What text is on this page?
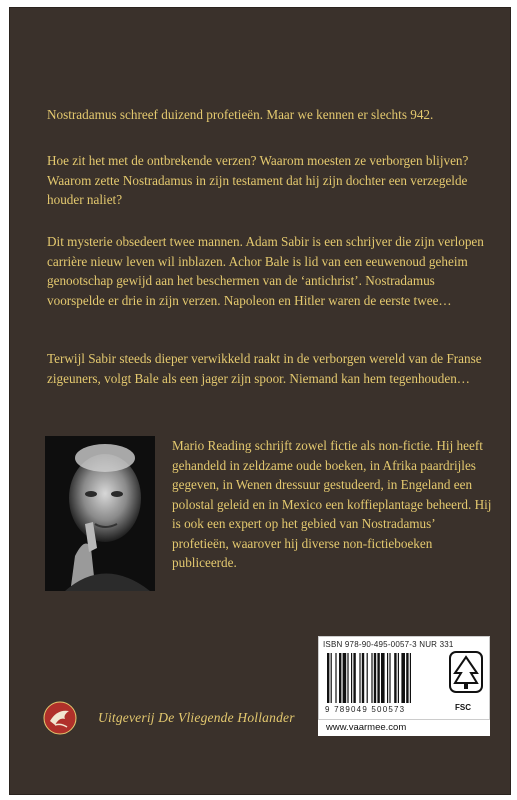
Nostradamus schreef duizend profetieën. Maar we kennen er slechts 942.

Hoe zit het met de ontbrekende verzen? Waarom moesten ze verborgen blijven? Waarom zette Nostradamus in zijn testament dat hij zijn dochter een verzegelde houder naliet?

Dit mysterie obsedeert twee mannen. Adam Sabir is een schrijver die zijn verlopen carrière nieuw leven wil inblazen. Achor Bale is lid van een eeuwenoud geheim genootschap gewijd aan het beschermen van de ‘antichrist’. Nostradamus voorspelde er drie in zijn verzen. Napoleon en Hitler waren de eerste twee…

Terwijl Sabir steeds dieper verwikkeld raakt in de verborgen wereld van de Franse zigeuners, volgt Bale als een jager zijn spoor. Niemand kan hem tegenhouden…

Mario Reading schrijft zowel fictie als non-fictie. Hij heeft gehandeld in zeldzame oude boeken, in Afrika paardrijles gegeven, in Wenen dressuur gestudeerd, in Engeland een polostal geleid en in Mexico een koffieplantage beheerd. Hij is ook een expert op het gebied van Nostradamus’ profetieën, waarover hij diverse non-fictieboeken publiceerde.

ISBN 978-90-495-0057-3 NUR 331
9 789049 500573	FSC
www.vaarmee.com
Uitgeverij De Vliegende Hollander
